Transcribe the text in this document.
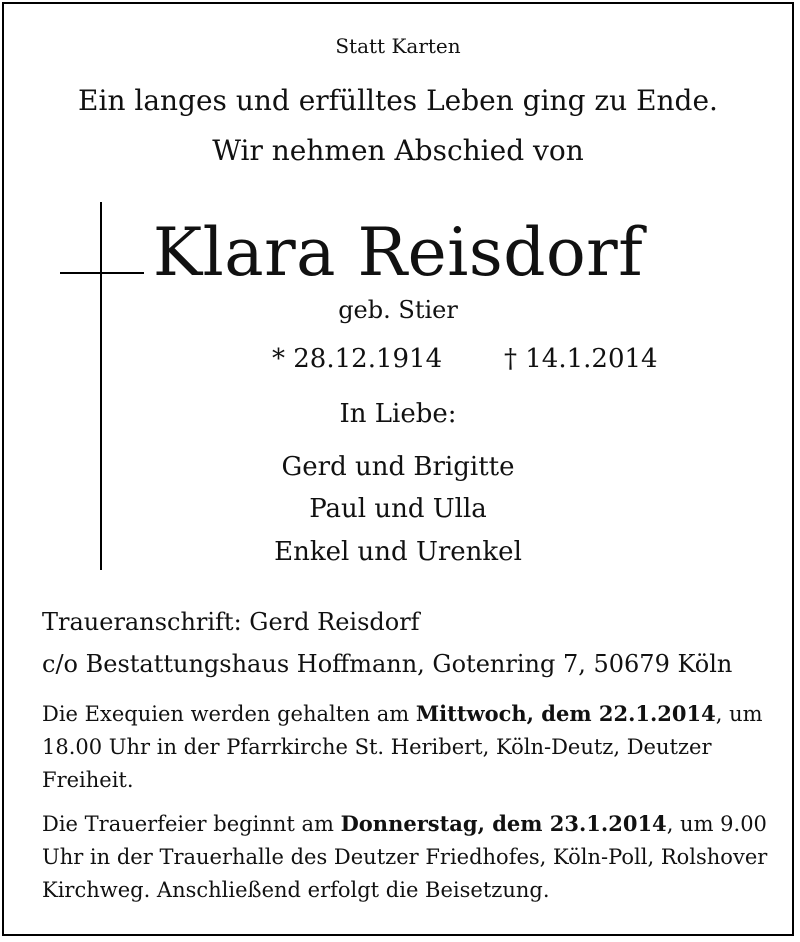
Statt Karten
Ein langes und erfülltes Leben ging zu Ende.
Wir nehmen Abschied von
Klara Reisdorf
geb. Stier
* 28.12.1914 † 14.1.2014
In Liebe:
Gerd und Brigitte
Paul und Ulla
Enkel und Urenkel
Traueranschrift: Gerd Reisdorf
c/o Bestattungshaus Hoffmann, Gotenring 7, 50679 Köln
Die Exequien werden gehalten am Mittwoch, dem 22.1.2014, um 18.00 Uhr in der Pfarrkirche St. Heribert, Köln-Deutz, Deutzer Freiheit.
Die Trauerfeier beginnt am Donnerstag, dem 23.1.2014, um 9.00 Uhr in der Trauerhalle des Deutzer Friedhofes, Köln-Poll, Rolshover Kirchweg. Anschließend erfolgt die Beisetzung.
